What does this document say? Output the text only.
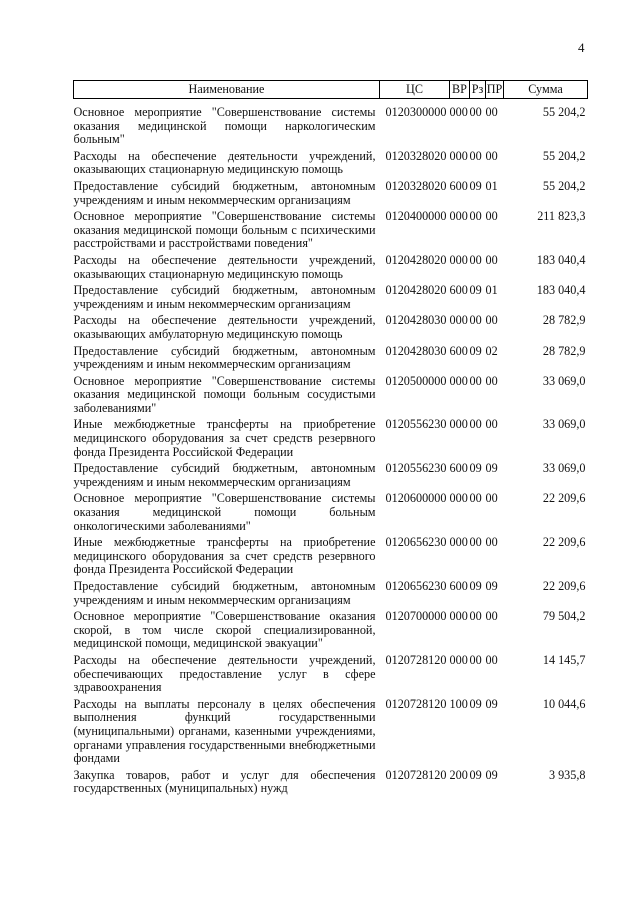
4
Наименование	ЦС	ВР	Рз	ПР	Сумма
Основное мероприятие "Совершенствование системы оказания медицинской помощи наркологическим больным"	0120300000	000	00	00	55 204,2
Расходы на обеспечение деятельности учреждений, оказывающих стационарную медицинскую помощь	0120328020	000	00	00	55 204,2
Предоставление субсидий бюджетным, автономным учреждениям и иным некоммерческим организациям	0120328020	600	09	01	55 204,2
Основное мероприятие "Совершенствование системы оказания медицинской помощи больным с психическими расстройствами и расстройствами поведения"	0120400000	000	00	00	211 823,3
Расходы на обеспечение деятельности учреждений, оказывающих стационарную медицинскую помощь	0120428020	000	00	00	183 040,4
Предоставление субсидий бюджетным, автономным учреждениям и иным некоммерческим организациям	0120428020	600	09	01	183 040,4
Расходы на обеспечение деятельности учреждений, оказывающих амбулаторную медицинскую помощь	0120428030	000	00	00	28 782,9
Предоставление субсидий бюджетным, автономным учреждениям и иным некоммерческим организациям	0120428030	600	09	02	28 782,9
Основное мероприятие "Совершенствование системы оказания медицинской помощи больным сосудистыми заболеваниями"	0120500000	000	00	00	33 069,0
Иные межбюджетные трансферты на приобретение медицинского оборудования за счет средств резервного фонда Президента Российской Федерации	0120556230	000	00	00	33 069,0
Предоставление субсидий бюджетным, автономным учреждениям и иным некоммерческим организациям	0120556230	600	09	09	33 069,0
Основное мероприятие "Совершенствование системы оказания медицинской помощи больным онкологическими заболеваниями"	0120600000	000	00	00	22 209,6
Иные межбюджетные трансферты на приобретение медицинского оборудования за счет средств резервного фонда Президента Российской Федерации	0120656230	000	00	00	22 209,6
Предоставление субсидий бюджетным, автономным учреждениям и иным некоммерческим организациям	0120656230	600	09	09	22 209,6
Основное мероприятие "Совершенствование оказания скорой, в том числе скорой специализированной, медицинской помощи, медицинской эвакуации"	0120700000	000	00	00	79 504,2
Расходы на обеспечение деятельности учреждений, обеспечивающих предоставление услуг в сфере здравоохранения	0120728120	000	00	00	14 145,7
Расходы на выплаты персоналу в целях обеспечения выполнения функций государственными (муниципальными) органами, казенными учреждениями, органами управления государственными внебюджетными фондами	0120728120	100	09	09	10 044,6
Закупка товаров, работ и услуг для обеспечения государственных (муниципальных) нужд	0120728120	200	09	09	3 935,8
